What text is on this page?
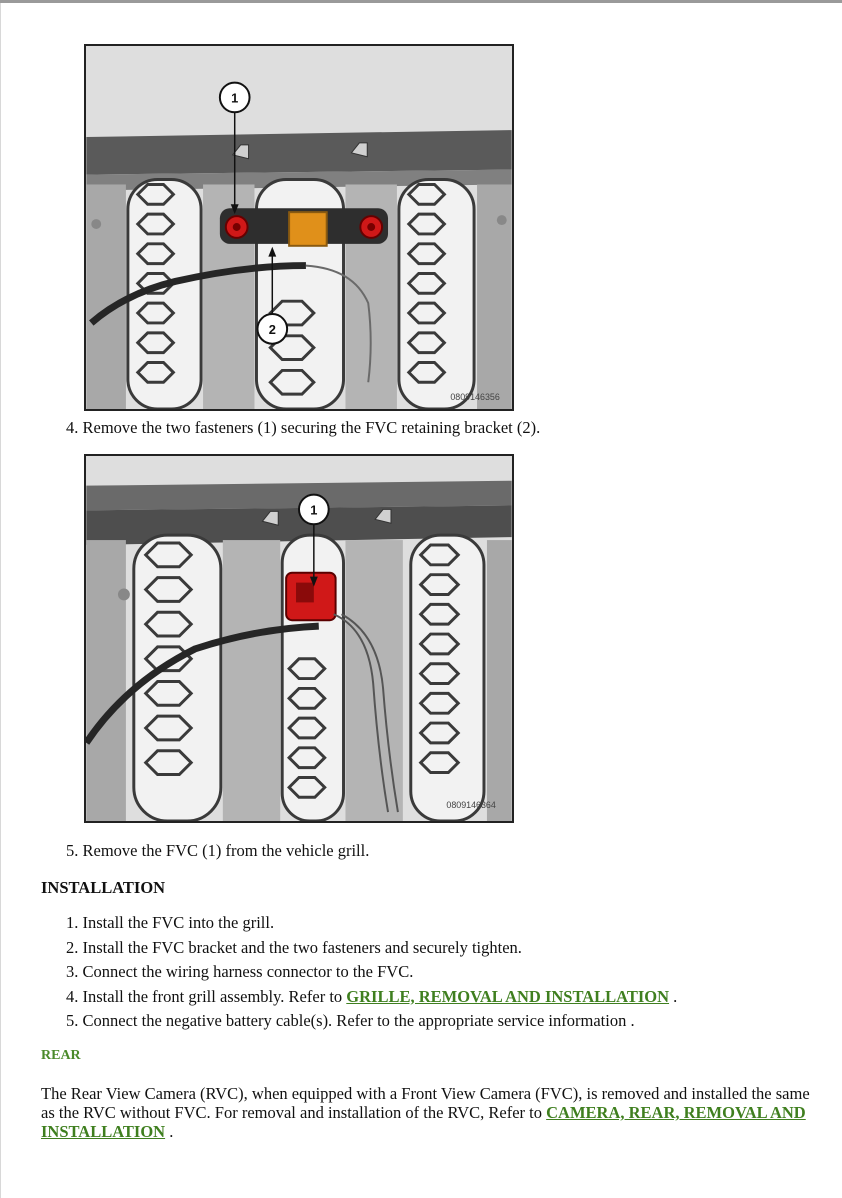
1
2
0809146356
4. Remove the two fasteners (1) securing the FVC retaining bracket (2).
1
0809146364
5. Remove the FVC (1) from the vehicle grill.
INSTALLATION
1. Install the FVC into the grill.
2. Install the FVC bracket and the two fasteners and securely tighten.
3. Connect the wiring harness connector to the FVC.
4. Install the front grill assembly. Refer to GRILLE, REMOVAL AND INSTALLATION .
5. Connect the negative battery cable(s). Refer to the appropriate service information .
REAR

The Rear View Camera (RVC), when equipped with a Front View Camera (FVC), is removed and installed the same as the RVC without FVC. For removal and installation of the RVC, Refer to CAMERA, REAR, REMOVAL AND INSTALLATION .
